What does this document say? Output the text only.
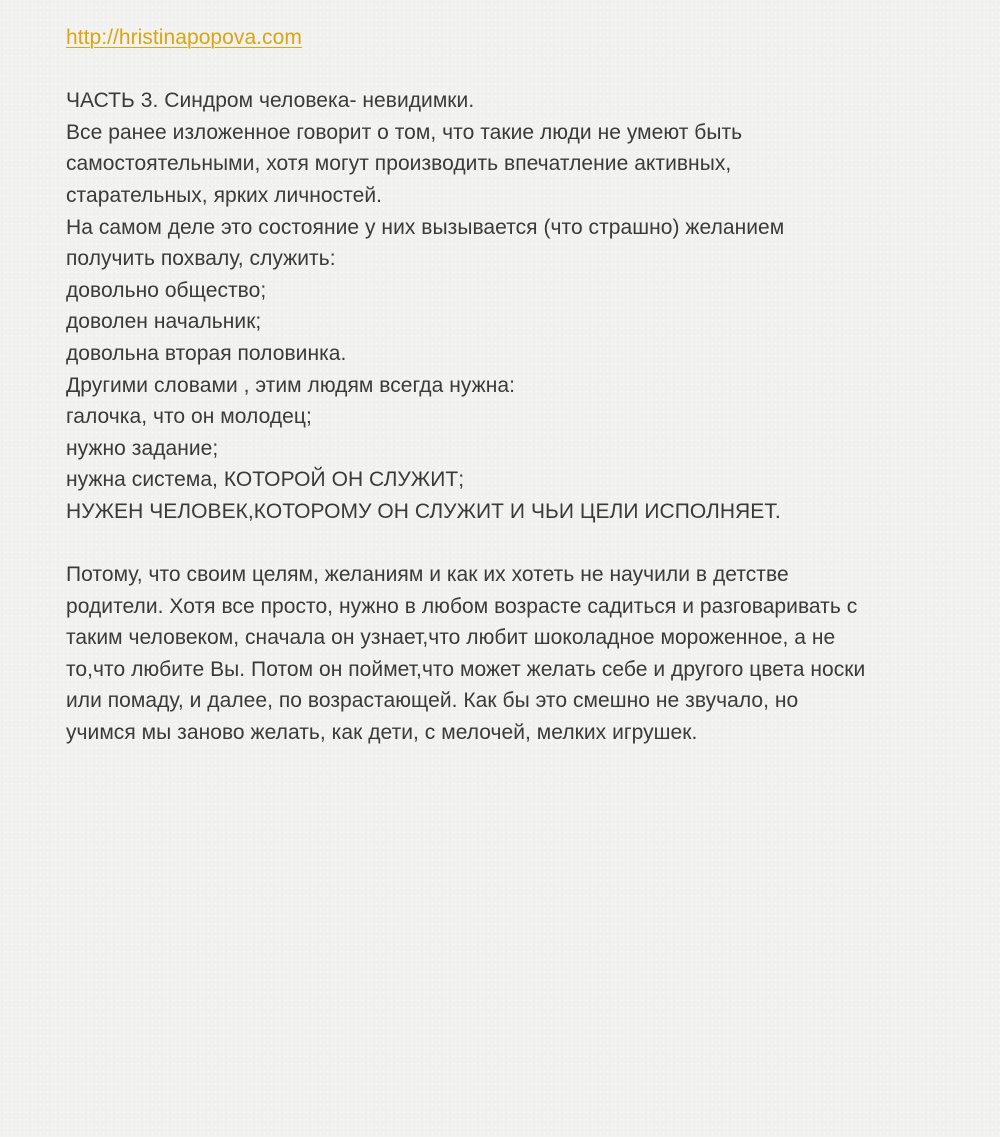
http://hristinapopova.com
ЧАСТЬ 3. Синдром человека- невидимки.
Все ранее изложенное говорит о том, что такие люди не умеют быть
самостоятельными, хотя могут производить впечатление активных,
старательных, ярких личностей.
На самом деле это состояние у них вызывается (что страшно) желанием
получить похвалу, служить:
довольно общество;
доволен начальник;
довольна вторая половинка.
Другими словами , этим людям всегда нужна:
галочка, что он молодец;
нужно задание;
нужна система, КОТОРОЙ ОН СЛУЖИТ;
НУЖЕН ЧЕЛОВЕК,КОТОРОМУ ОН СЛУЖИТ И ЧЬИ ЦЕЛИ ИСПОЛНЯЕТ.
Потому, что своим целям, желаниям и как их хотеть не научили в детстве
родители. Хотя все просто, нужно в любом возрасте садиться и разговаривать с
таким человеком, сначала он узнает,что любит шоколадное мороженное, а не
то,что любите Вы. Потом он поймет,что может желать себе и другого цвета носки
или помаду, и далее, по возрастающей. Как бы это смешно не звучало, но
учимся мы заново желать, как дети, с мелочей, мелких игрушек.
